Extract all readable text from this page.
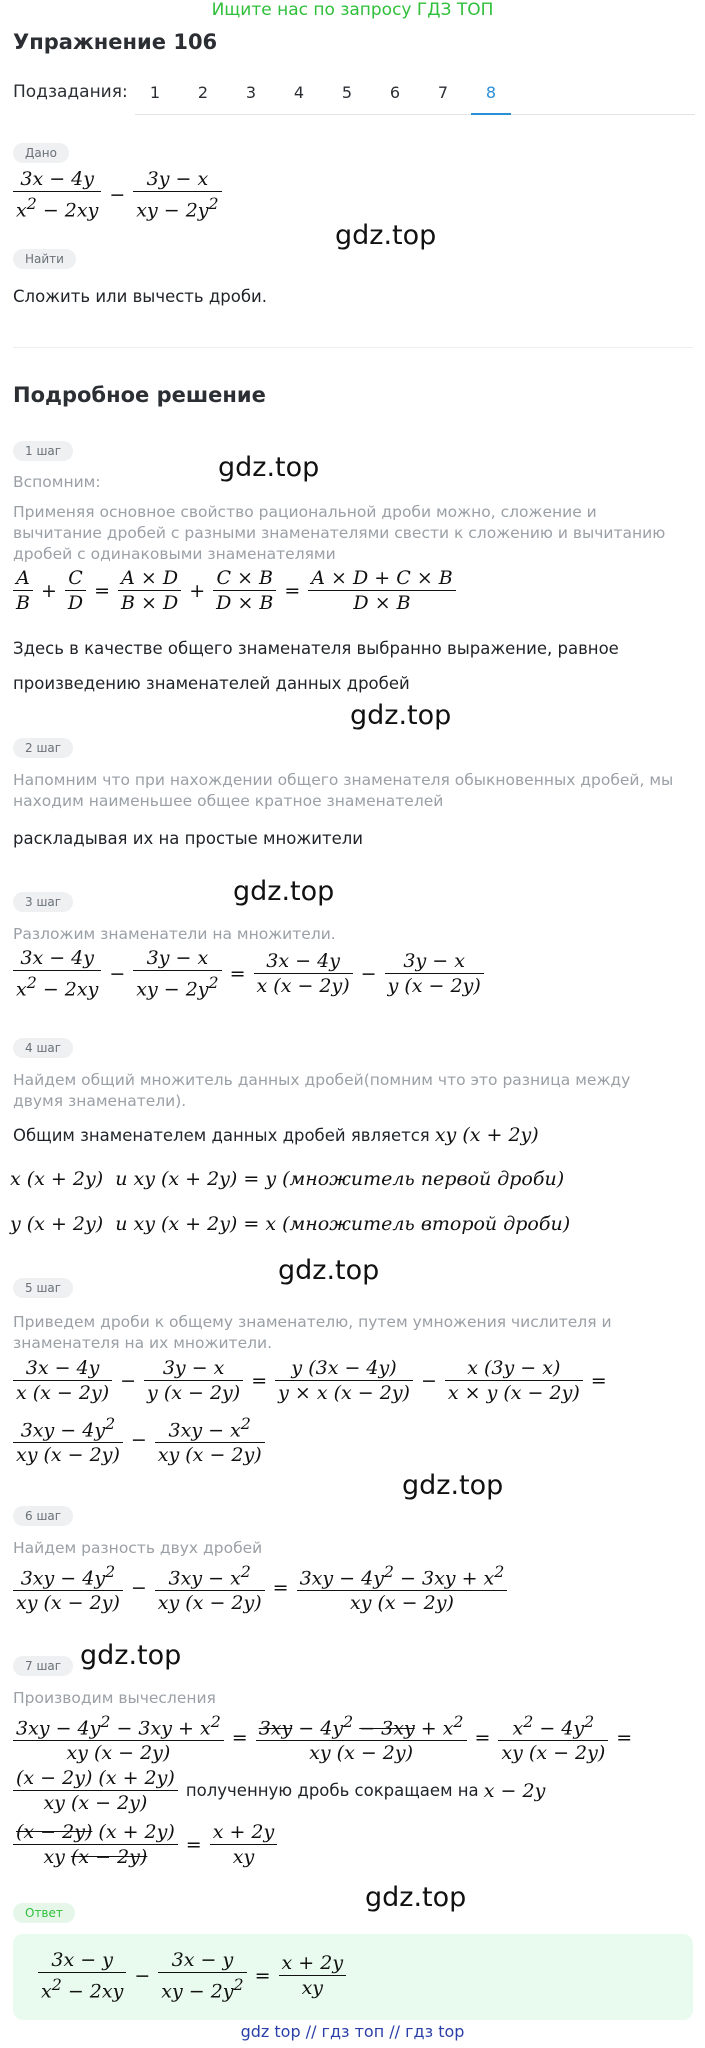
Ищите нас по запросу ГДЗ ТОП
Упражнение 106
Подзадания:	1	2	3	4	5	6	7	8
Дано
$\frac{3x - 4y}{x^2 - 2xy} - \frac{3y - x}{xy - 2y^2}$
gdz.top
Найти
Сложить или вычесть дроби.
Подробное решение
1 шаг
gdz.top
Вспомним:
Применяя основное свойство рациональной дроби можно, сложение и вычитание дробей с разными знаменателями свести к сложению и вычитанию дробей с одинаковыми знаменателями
$\frac{A}{B} + \frac{C}{D} = \frac{A \times D}{B \times D} + \frac{C \times B}{D \times B} = \frac{A \times D + C \times B}{D \times B}$
Здесь в качестве общего знаменателя выбранно выражение, равное
произведению знаменателей данных дробей
gdz.top
2 шаг
Напомним что при нахождении общего знаменателя обыкновенных дробей, мы находим наименьшее общее кратное знаменателей
раскладывая их на простые множители
3 шаг	gdz.top
Разложим знаменатели на множители.
$\frac{3x - 4y}{x^2 - 2xy} - \frac{3y - x}{xy - 2y^2} = \frac{3x - 4y}{x (x - 2y)} - \frac{3y - x}{y (x - 2y)}$
4 шаг
Найдем общий множитель данных дробей(помним что это разница между двумя знаменатели).
Общим знаменателем данных дробей является xy (x + 2y)
x (x + 2y)  и xy (x + 2y) = y (множитель первой дроби)
y (x + 2y)  и xy (x + 2y) = x (множитель второй дроби)
gdz.top
5 шаг
Приведем дроби к общему знаменателю, путем умножения числителя и знаменателя на их множители.
$\frac{3x - 4y}{x (x - 2y)} - \frac{3y - x}{y (x - 2y)} = \frac{y (3x - 4y)}{y \times x (x - 2y)} - \frac{x (3y - x)}{x \times y (x - 2y)}$ =
$\frac{3xy - 4y^2}{xy (x - 2y)} - \frac{3xy - x^2}{xy (x - 2y)}$
gdz.top
6 шаг
Найдем разность двух дробей
$\frac{3xy - 4y^2}{xy (x - 2y)} - \frac{3xy - x^2}{xy (x - 2y)} = \frac{3xy - 4y^2 - 3xy + x^2}{xy (x - 2y)}$
7 шаг gdz.top
Производим вычесления
$\frac{3xy - 4y^2 - 3xy + x^2}{xy (x - 2y)} = \frac{3xy - 4y^2 - 3xy + x^2}{xy (x - 2y)} = \frac{x^2 - 4y^2}{xy (x - 2y)}$ =
$\frac{(x - 2y) (x + 2y)}{xy (x - 2y)}$ полученную дробь сокращаем на x − 2y
$\frac{(x - 2y) (x + 2y)}{xy (x - 2y)} = \frac{x + 2y}{xy}$
gdz.top
Ответ
$\frac{3x - y}{x^2 - 2xy} - \frac{3x - y}{xy - 2y^2} = \frac{x + 2y}{xy}$
gdz top // гдз топ // гдз top
